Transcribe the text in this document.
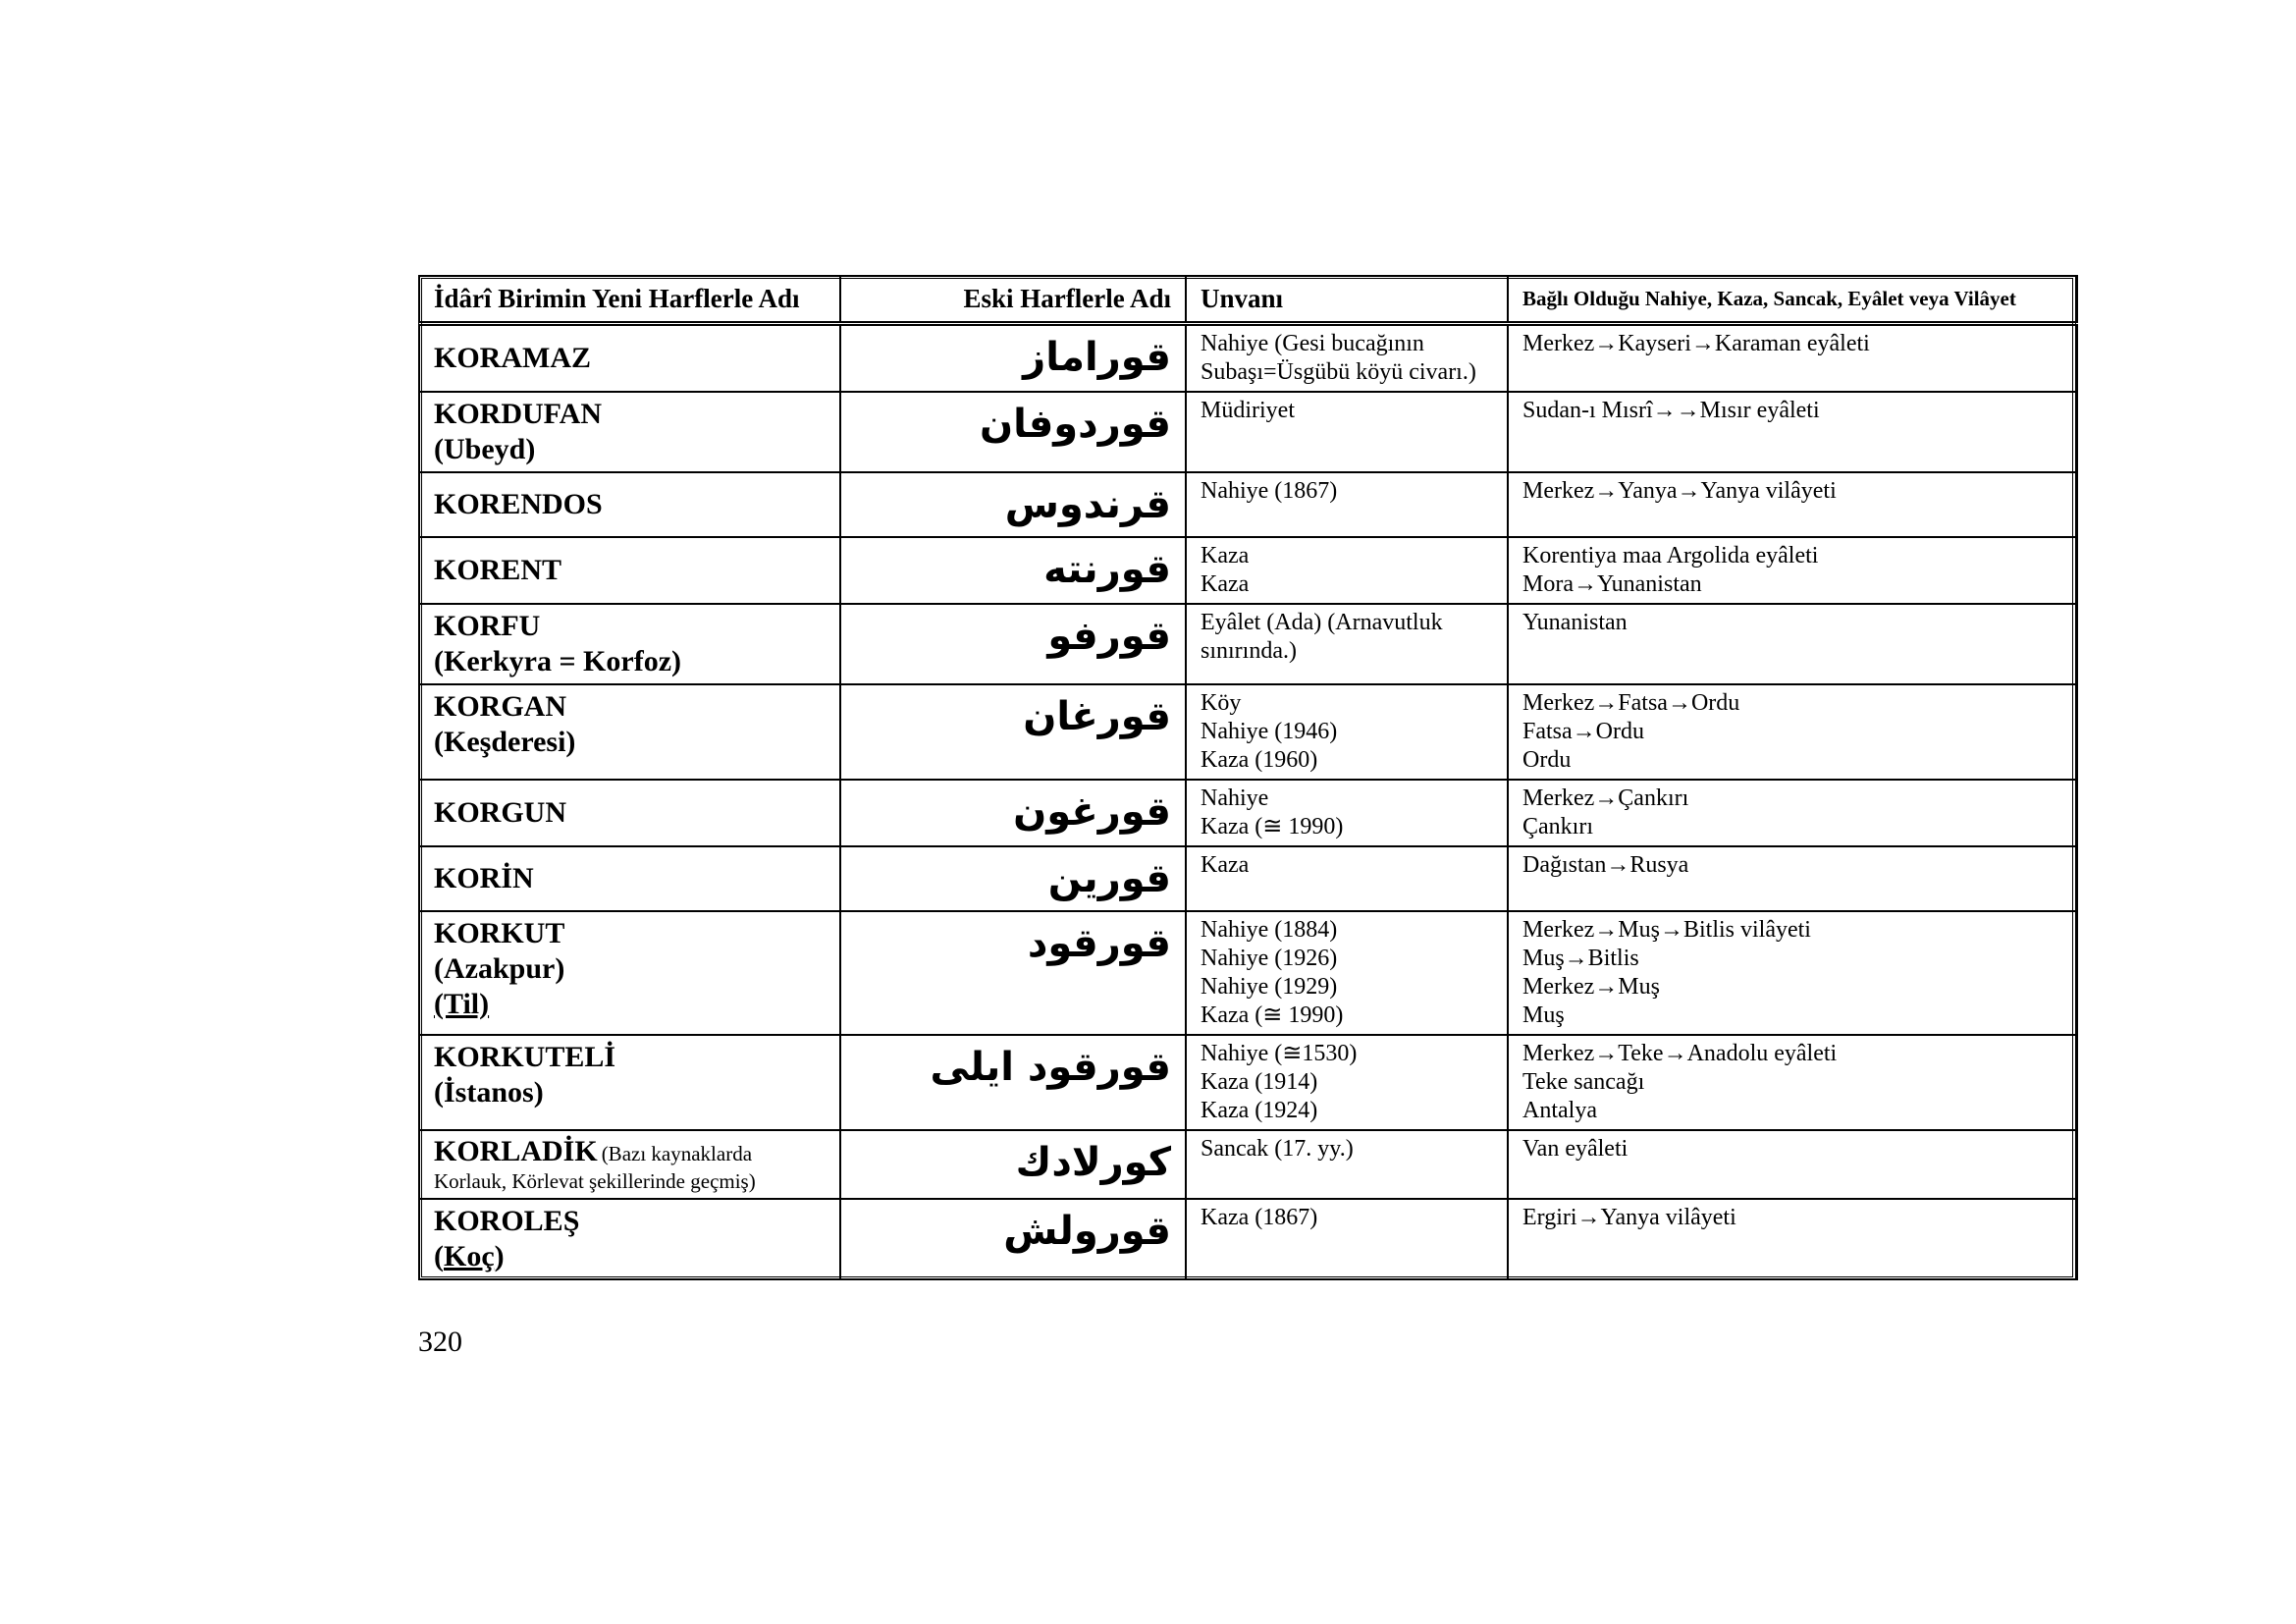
İdârî Birimin Yeni Harflerle Adı	Eski Harflerle Adı	Unvanı	Bağlı Olduğu Nahiye, Kaza, Sancak, Eyâlet veya Vilâyet

KORAMAZ	قوراماز	Nahiye (Gesi bucağının
Subaşı=Üsgübü köyü civarı.)	Merkez→Kayseri→Karaman eyâleti

KORDUFAN
(Ubeyd)	قوردوفان	Müdiriyet	Sudan-ı Mısrî→→Mısır eyâleti

KORENDOS	قرندوس	Nahiye (1867)	Merkez→Yanya→Yanya vilâyeti

KORENT	قورنته	Kaza
Kaza	Korentiya maa Argolida eyâleti
Mora→Yunanistan

KORFU
(Kerkyra = Korfoz)	قورفو	Eyâlet (Ada) (Arnavutluk
sınırında.)	Yunanistan

KORGAN
(Keşderesi)	قورغان	Köy
Nahiye (1946)
Kaza (1960)	Merkez→Fatsa→Ordu
Fatsa→Ordu
Ordu

KORGUN	قورغون	Nahiye
Kaza (≅ 1990)	Merkez→Çankırı
Çankırı

KORİN	قورين	Kaza	Dağıstan→Rusya

KORKUT
(Azakpur)
(Til)	قورقود	Nahiye (1884)
Nahiye (1926)
Nahiye (1929)
Kaza (≅ 1990)	Merkez→Muş→Bitlis vilâyeti
Muş→Bitlis
Merkez→Muş
Muş

KORKUTELİ
(İstanos)	قورقود ايلى	Nahiye (≅1530)
Kaza (1914)
Kaza (1924)	Merkez→Teke→Anadolu eyâleti
Teke sancağı
Antalya

KORLADİK (Bazı kaynaklarda
Korlauk, Körlevat şekillerinde geçmiş)	كورلادك	Sancak (17. yy.)	Van eyâleti

KOROLEŞ
(Koç)	قورولش	Kaza (1867)	Ergiri→Yanya vilâyeti
320
